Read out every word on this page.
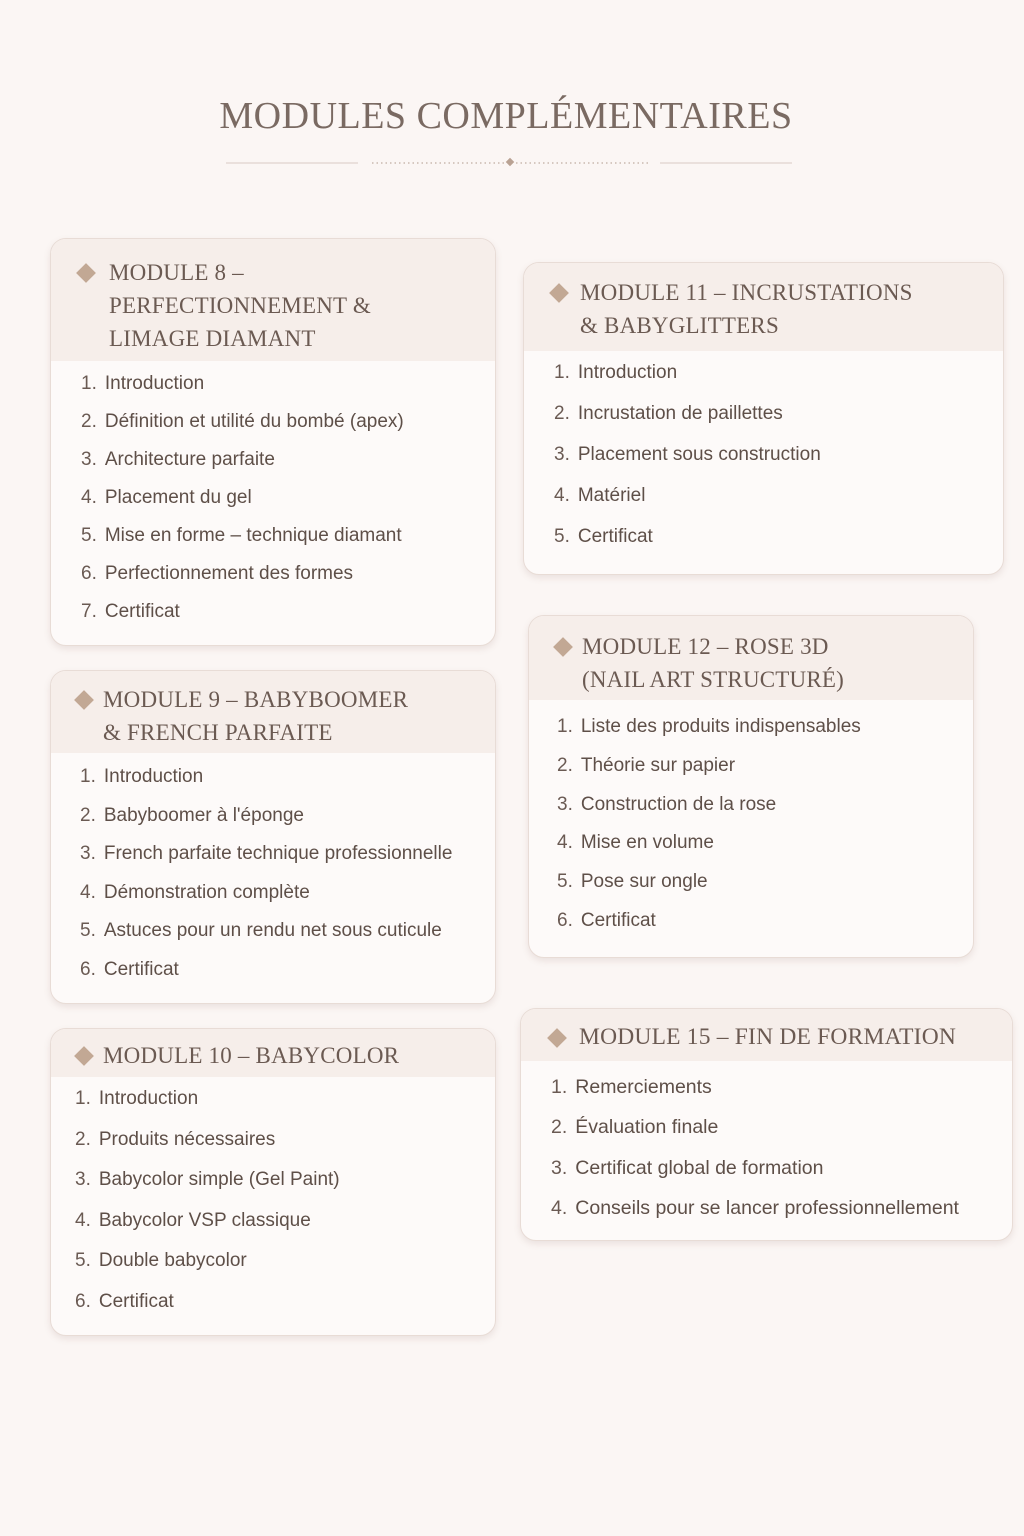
MODULES COMPLÉMENTAIRES
MODULE 8 –
PERFECTIONNEMENT &
LIMAGE DIAMANT
1. Introduction
2. Définition et utilité du bombé (apex)
3. Architecture parfaite
4. Placement du gel
5. Mise en forme – technique diamant
6. Perfectionnement des formes
7. Certificat
MODULE 9 – BABYBOOMER
& FRENCH PARFAITE
1. Introduction
2. Babyboomer à l'éponge
3. French parfaite technique professionnelle
4. Démonstration complète
5. Astuces pour un rendu net sous cuticule
6. Certificat
MODULE 10 – BABYCOLOR
1. Introduction
2. Produits nécessaires
3. Babycolor simple (Gel Paint)
4. Babycolor VSP classique
5. Double babycolor
6. Certificat
MODULE 11 – INCRUSTATIONS
& BABYGLITTERS
1. Introduction
2. Incrustation de paillettes
3. Placement sous construction
4. Matériel
5. Certificat
MODULE 12 – ROSE 3D
(NAIL ART STRUCTURÉ)
1. Liste des produits indispensables
2. Théorie sur papier
3. Construction de la rose
4. Mise en volume
5. Pose sur ongle
6. Certificat
MODULE 15 – FIN DE FORMATION
1. Remerciements
2. Évaluation finale
3. Certificat global de formation
4. Conseils pour se lancer professionnellement
